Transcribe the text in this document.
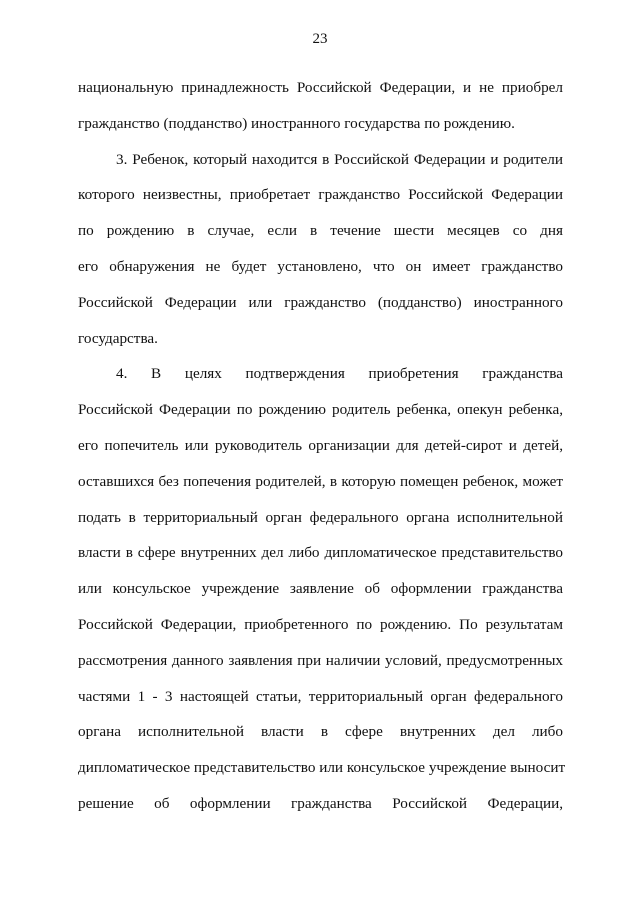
23
национальную принадлежность Российской Федерации, и не приобрел
гражданство (подданство) иностранного государства по рождению.
3. Ребенок, который находится в Российской Федерации и родители
которого неизвестны, приобретает гражданство Российской Федерации
по рождению в случае, если в течение шести месяцев со дня
его обнаружения не будет установлено, что он имеет гражданство
Российской Федерации или гражданство (подданство) иностранного
государства.
4. В целях подтверждения приобретения гражданства
Российской Федерации по рождению родитель ребенка, опекун ребенка,
его попечитель или руководитель организации для детей-сирот и детей,
оставшихся без попечения родителей, в которую помещен ребенок, может
подать в территориальный орган федерального органа исполнительной
власти в сфере внутренних дел либо дипломатическое представительство
или консульское учреждение заявление об оформлении гражданства
Российской Федерации, приобретенного по рождению. По результатам
рассмотрения данного заявления при наличии условий, предусмотренных
частями 1 - 3 настоящей статьи, территориальный орган федерального
органа исполнительной власти в сфере внутренних дел либо
дипломатическое представительство или консульское учреждение выносит
решение об оформлении гражданства Российской Федерации,
